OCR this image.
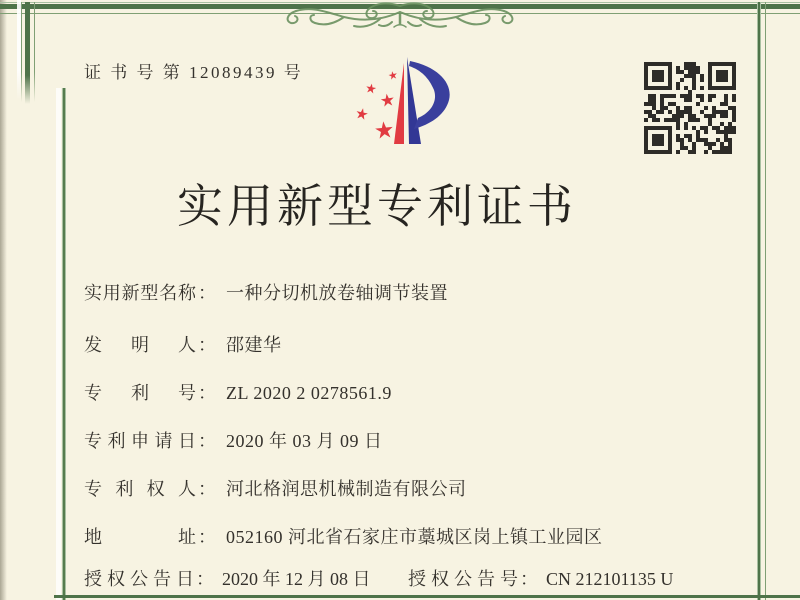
证 书 号 第 12089439 号	★
★
★
★
★
实用新型专利证书
实用新型名称 ： 一种分切机放卷轴调节装置
发明人 ： 邵建华
专利号 ： ZL 2020 2 0278561.9
专利申请日 ： 2020 年 03 月 09 日
专利权人 ： 河北格润思机械制造有限公司
地址 ： 052160 河北省石家庄市藁城区岗上镇工业园区
授权公告日 ： 2020 年 12 月 08 日 授权公告号 ： CN 212101135 U
